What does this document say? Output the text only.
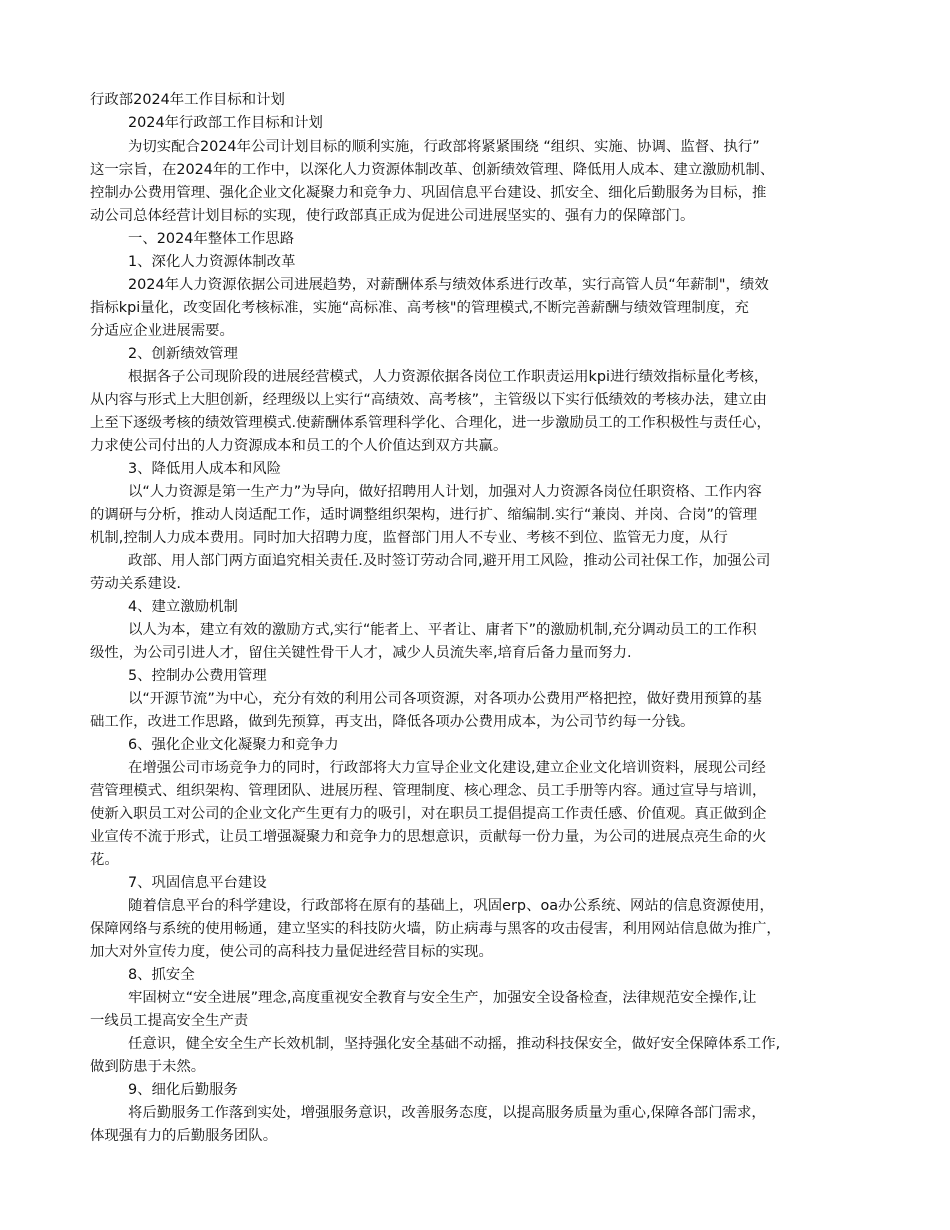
行政部2024年工作目标和计划
2024年行政部工作目标和计划
为切实配合2024年公司计划目标的顺利实施，行政部将紧紧围绕 “组织、实施、协调、监督、执行”
这一宗旨，在2024年的工作中，以深化人力资源体制改革、创新绩效管理、降低用人成本、建立激励机制、
控制办公费用管理、强化企业文化凝聚力和竞争力、巩固信息平台建设、抓安全、细化后勤服务为目标，推
动公司总体经营计划目标的实现，使行政部真正成为促进公司进展坚实的、强有力的保障部门。
一、2024年整体工作思路
1、深化人力资源体制改革
2024年人力资源依据公司进展趋势，对薪酬体系与绩效体系进行改革，实行高管人员“年薪制"，绩效
指标kpi量化，改变固化考核标准，实施“高标准、高考核"的管理模式,不断完善薪酬与绩效管理制度，充
分适应企业进展需要。
2、创新绩效管理
根据各子公司现阶段的进展经营模式，人力资源依据各岗位工作职责运用kpi进行绩效指标量化考核，
从内容与形式上大胆创新，经理级以上实行“高绩效、高考核”，主管级以下实行低绩效的考核办法，建立由
上至下逐级考核的绩效管理模式.使薪酬体系管理科学化、合理化，进一步激励员工的工作积极性与责任心，
力求使公司付出的人力资源成本和员工的个人价值达到双方共赢。
3、降低用人成本和风险
以“人力资源是第一生产力”为导向，做好招聘用人计划，加强对人力资源各岗位任职资格、工作内容
的调研与分析，推动人岗适配工作，适时调整组织架构，进行扩、缩编制.实行“兼岗、并岗、合岗”的管理
机制,控制人力成本费用。同时加大招聘力度，监督部门用人不专业、考核不到位、监管无力度，从行
政部、用人部门两方面追究相关责任.及时签订劳动合同,避开用工风险，推动公司社保工作，加强公司
劳动关系建设.
4、建立激励机制
以人为本，建立有效的激励方式,实行“能者上、平者让、庸者下”的激励机制,充分调动员工的工作积
级性，为公司引进人才，留住关键性骨干人才，减少人员流失率,培育后备力量而努力.
5、控制办公费用管理
以“开源节流”为中心，充分有效的利用公司各项资源，对各项办公费用严格把控，做好费用预算的基
础工作，改进工作思路，做到先预算，再支出，降低各项办公费用成本，为公司节约每一分钱。
6、强化企业文化凝聚力和竞争力
在增强公司市场竞争力的同时，行政部将大力宣导企业文化建设,建立企业文化培训资料，展现公司经
营管理模式、组织架构、管理团队、进展历程、管理制度、核心理念、员工手册等内容。通过宣导与培训，
使新入职员工对公司的企业文化产生更有力的吸引，对在职员工提倡提高工作责任感、价值观。真正做到企
业宣传不流于形式，让员工增强凝聚力和竞争力的思想意识，贡献每一份力量，为公司的进展点亮生命的火
花。
7、巩固信息平台建设
随着信息平台的科学建设，行政部将在原有的基础上，巩固erp、oa办公系统、网站的信息资源使用，
保障网络与系统的使用畅通，建立坚实的科技防火墙，防止病毒与黑客的攻击侵害，利用网站信息做为推广，
加大对外宣传力度，使公司的高科技力量促进经营目标的实现。
8、抓安全
牢固树立“安全进展”理念,高度重视安全教育与安全生产，加强安全设备检查，法律规范安全操作,让
一线员工提高安全生产责
任意识，健全安全生产长效机制，坚持强化安全基础不动摇，推动科技保安全，做好安全保障体系工作,
做到防患于未然。
9、细化后勤服务
将后勤服务工作落到实处，增强服务意识，改善服务态度，以提高服务质量为重心,保障各部门需求，
体现强有力的后勤服务团队。
